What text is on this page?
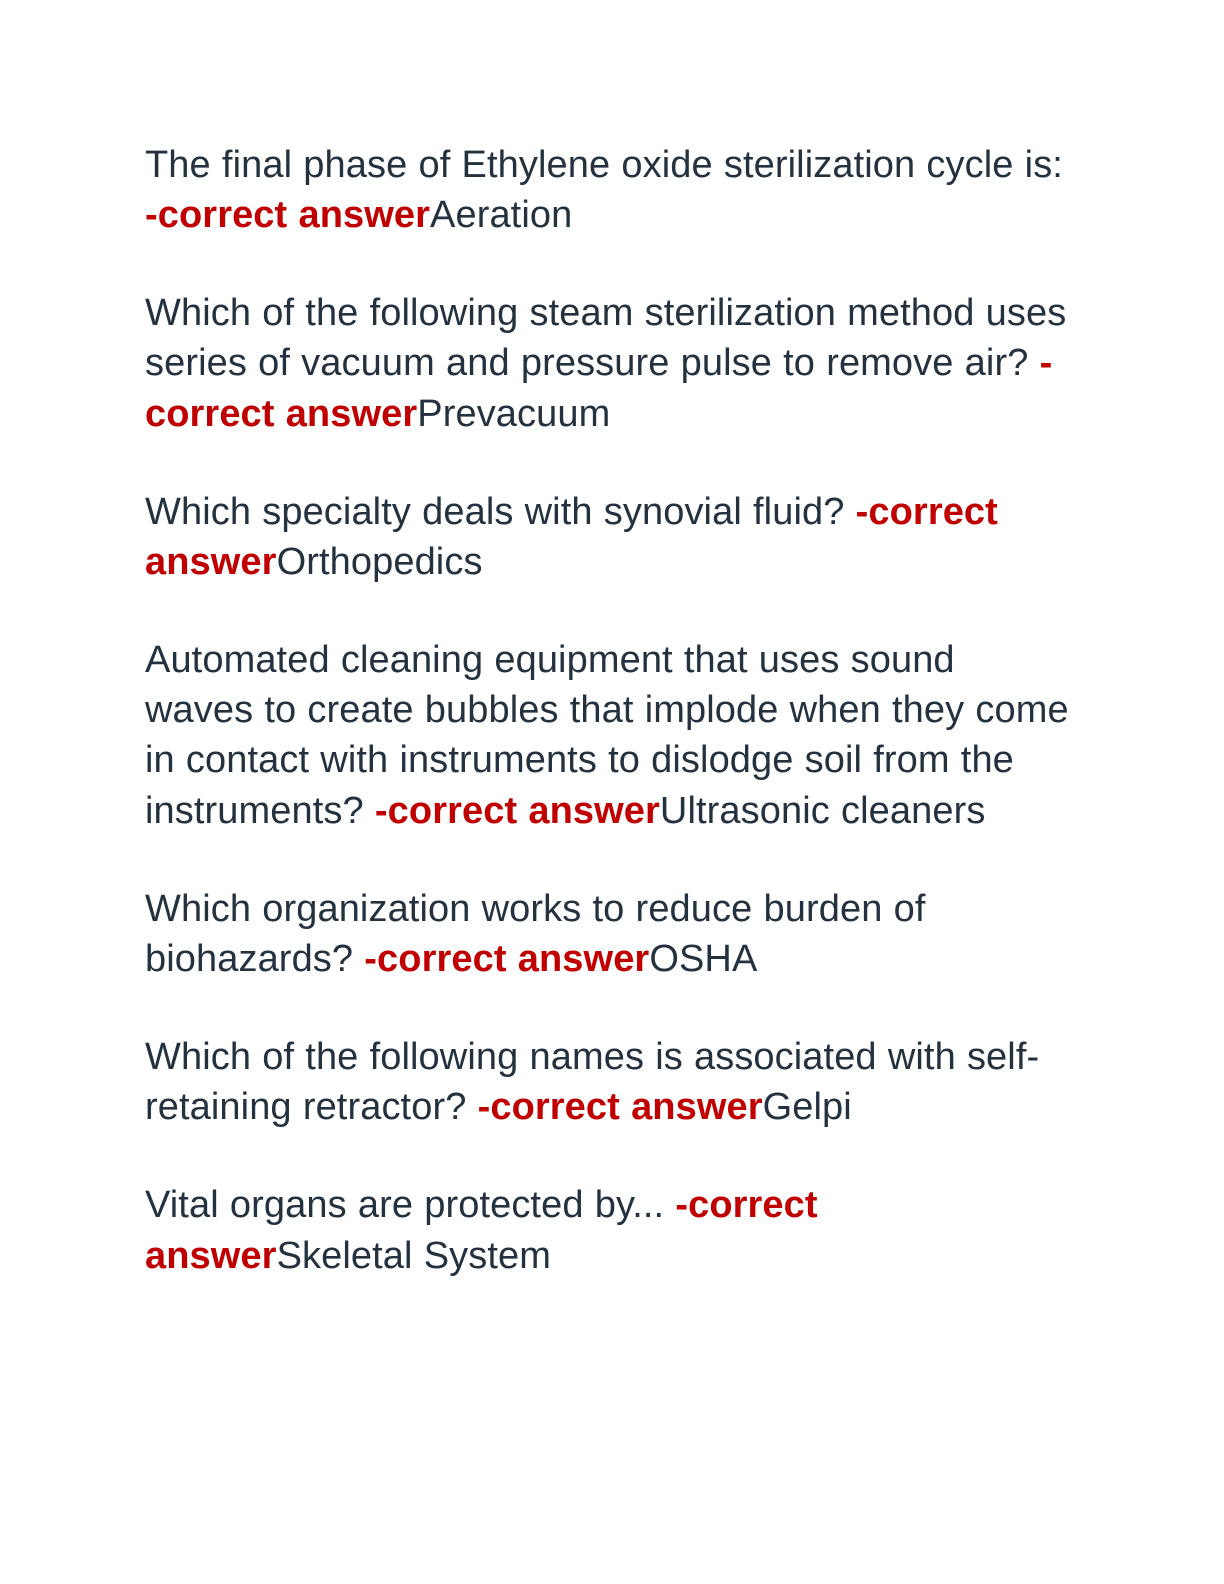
The final phase of Ethylene oxide sterilization cycle is: -correct answerAeration

Which of the following steam sterilization method uses series of vacuum and pressure pulse to remove air? -correct answerPrevacuum

Which specialty deals with synovial fluid? -correct answerOrthopedics

Automated cleaning equipment that uses sound waves to create bubbles that implode when they come in contact with instruments to dislodge soil from the instruments? -correct answerUltrasonic cleaners

Which organization works to reduce burden of biohazards? -correct answerOSHA

Which of the following names is associated with self-retaining retractor? -correct answerGelpi

Vital organs are protected by... -correct answerSkeletal System
